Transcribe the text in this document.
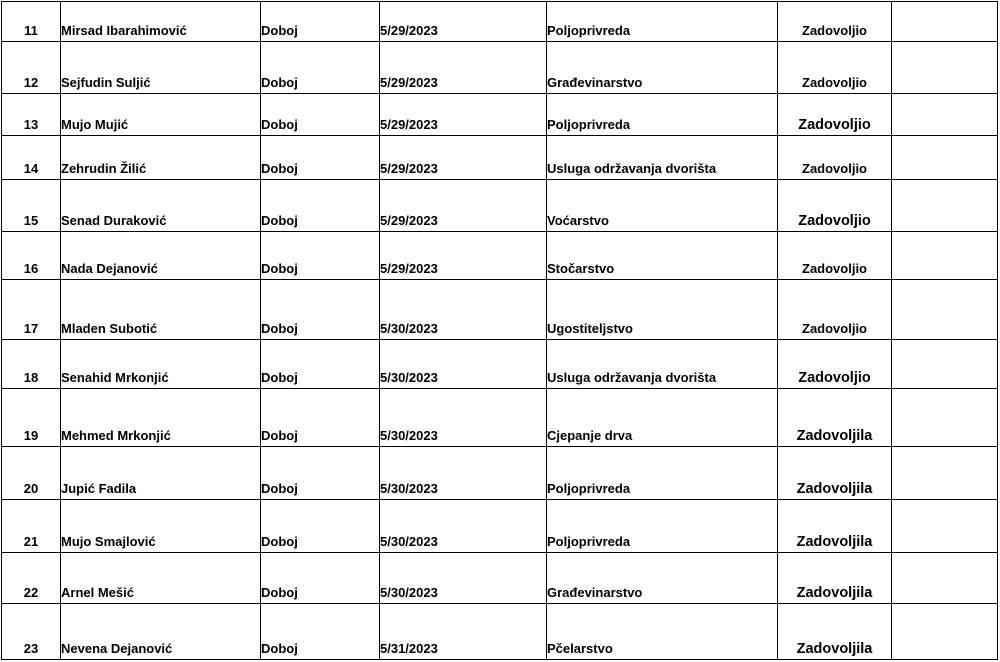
11	Mirsad Ibarahimović	Doboj	5/29/2023	Poljoprivreda	Zadovoljio	
12	Sejfudin Suljić	Doboj	5/29/2023	Građevinarstvo	Zadovoljio	
13	Mujo Mujić	Doboj	5/29/2023	Poljoprivreda	Zadovoljio	
14	Zehrudin Žilić	Doboj	5/29/2023	Usluga održavanja dvorišta	Zadovoljio	
15	Senad Duraković	Doboj	5/29/2023	Voćarstvo	Zadovoljio	
16	Nada Dejanović	Doboj	5/29/2023	Stočarstvo	Zadovoljio	
17	Mladen Subotić	Doboj	5/30/2023	Ugostiteljstvo	Zadovoljio	
18	Senahid Mrkonjić	Doboj	5/30/2023	Usluga održavanja dvorišta	Zadovoljio	
19	Mehmed Mrkonjić	Doboj	5/30/2023	Cjepanje drva	Zadovoljila	
20	Jupić Fadila	Doboj	5/30/2023	Poljoprivreda	Zadovoljila	
21	Mujo Smajlović	Doboj	5/30/2023	Poljoprivreda	Zadovoljila	
22	Arnel Mešić	Doboj	5/30/2023	Građevinarstvo	Zadovoljila	
23	Nevena Dejanović	Doboj	5/31/2023	Pčelarstvo	Zadovoljila	
